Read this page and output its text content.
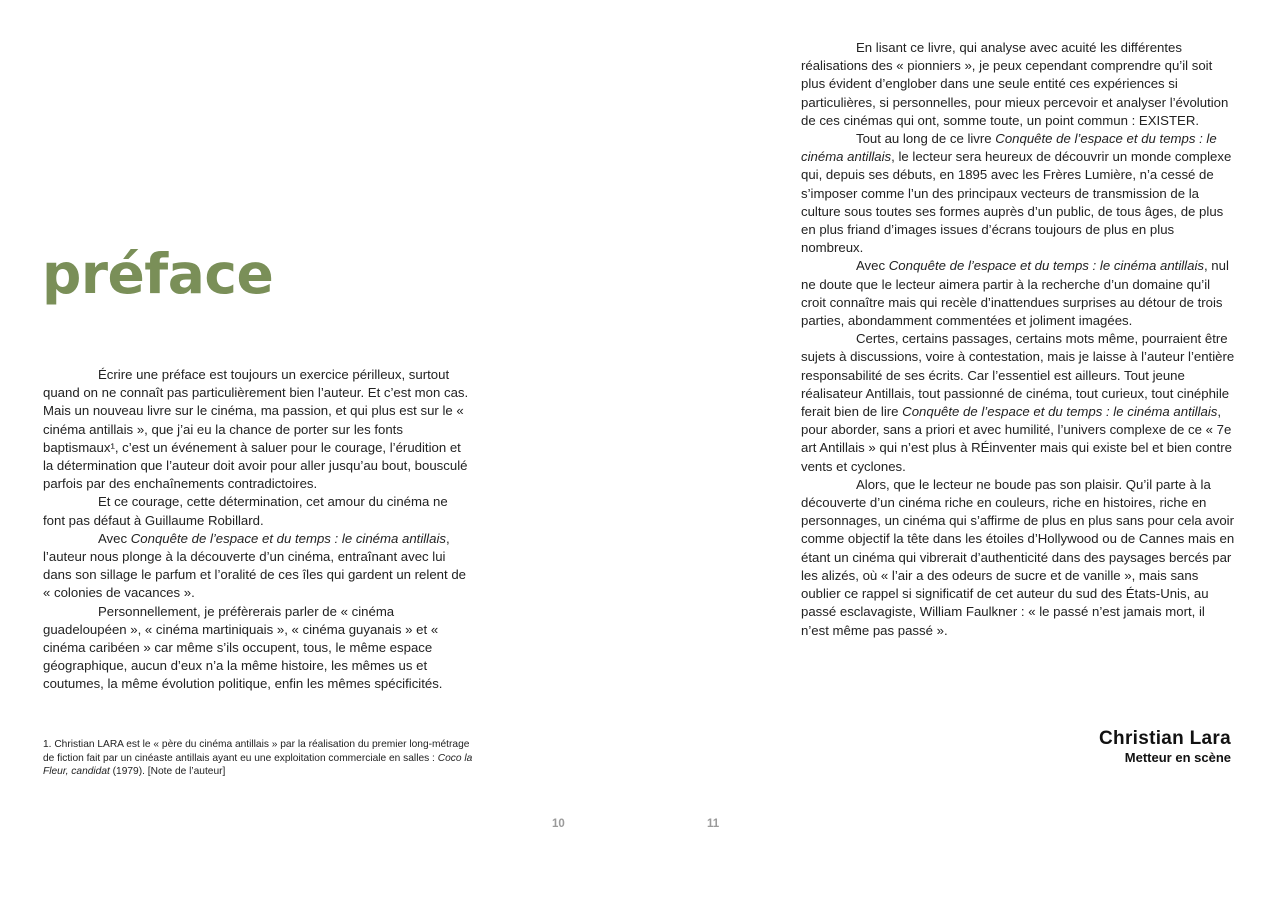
préface

Écrire une préface est toujours un exercice périlleux, surtout quand on ne connaît pas particulièrement bien l’auteur. Et c’est mon cas. Mais un nouveau livre sur le cinéma, ma passion, et qui plus est sur le « cinéma antillais », que j’ai eu la chance de porter sur les fonts baptismaux¹, c’est un événement à saluer pour le courage, l’érudition et la détermination que l’auteur doit avoir pour aller jusqu’au bout, bousculé parfois par des enchaînements contradictoires.

Et ce courage, cette détermination, cet amour du cinéma ne font pas défaut à Guillaume Robillard.

Avec Conquête de l’espace et du temps : le cinéma antillais, l’auteur nous plonge à la découverte d’un cinéma, entraînant avec lui dans son sillage le parfum et l’oralité de ces îles qui gardent un relent de « colonies de vacances ».

Personnellement, je préfèrerais parler de « cinéma guadeloupéen », « cinéma martiniquais », « cinéma guyanais » et « cinéma caribéen » car même s’ils occupent, tous, le même espace géographique, aucun d’eux n’a la même histoire, les mêmes us et coutumes, la même évolution politique, enfin les mêmes spécificités.

1. Christian LARA est le « père du cinéma antillais » par la réalisation du premier long-métrage de fiction fait par un cinéaste antillais ayant eu une exploitation commerciale en salles : Coco la Fleur, candidat (1979). [Note de l’auteur]
10

En lisant ce livre, qui analyse avec acuité les différentes réalisations des « pionniers », je peux cependant comprendre qu’il soit plus évident d’englober dans une seule entité ces expériences si particulières, si personnelles, pour mieux percevoir et analyser l’évolution de ces cinémas qui ont, somme toute, un point commun : EXISTER.

Tout au long de ce livre Conquête de l’espace et du temps : le cinéma antillais, le lecteur sera heureux de découvrir un monde complexe qui, depuis ses débuts, en 1895 avec les Frères Lumière, n’a cessé de s’imposer comme l’un des principaux vecteurs de transmission de la culture sous toutes ses formes auprès d’un public, de tous âges, de plus en plus friand d’images issues d’écrans toujours de plus en plus nombreux.

Avec Conquête de l’espace et du temps : le cinéma antillais, nul ne doute que le lecteur aimera partir à la recherche d’un domaine qu’il croit connaître mais qui recèle d’inattendues surprises au détour de trois parties, abondamment commentées et joliment imagées.

Certes, certains passages, certains mots même, pourraient être sujets à discussions, voire à contestation, mais je laisse à l’auteur l’entière responsabilité de ses écrits. Car l’essentiel est ailleurs. Tout jeune réalisateur Antillais, tout passionné de cinéma, tout curieux, tout cinéphile ferait bien de lire Conquête de l’espace et du temps : le cinéma antillais, pour aborder, sans a priori et avec humilité, l’univers complexe de ce « 7e art Antillais » qui n’est plus à RÉinventer mais qui existe bel et bien contre vents et cyclones.

Alors, que le lecteur ne boude pas son plaisir. Qu’il parte à la découverte d’un cinéma riche en couleurs, riche en histoires, riche en personnages, un cinéma qui s’affirme de plus en plus sans pour cela avoir comme objectif la tête dans les étoiles d’Hollywood ou de Cannes mais en étant un cinéma qui vibrerait d’authenticité dans des paysages bercés par les alizés, où « l’air a des odeurs de sucre et de vanille », mais sans oublier ce rappel si significatif de cet auteur du sud des États-Unis, au passé esclavagiste, William Faulkner : « le passé n’est jamais mort, il n’est même pas passé ».

Christian Lara
Metteur en scène
11
